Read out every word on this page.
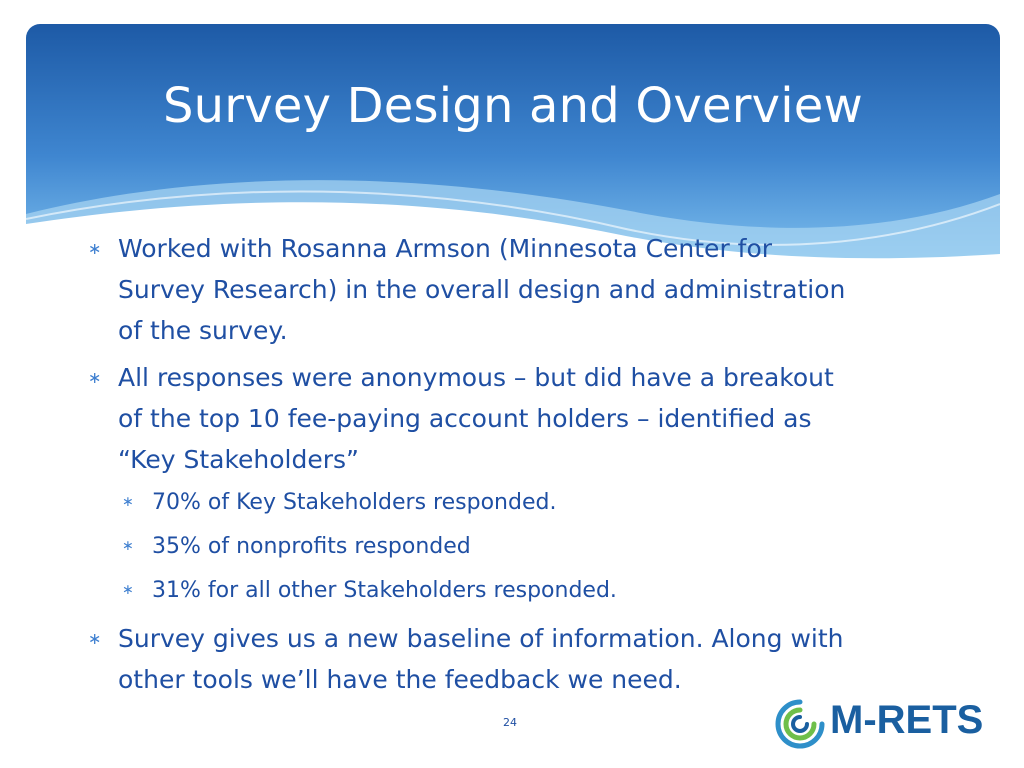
Survey Design and Overview
∗ Worked with Rosanna Armson (Minnesota Center for
Survey Research) in the overall design and administration
of the survey.
∗ All responses were anonymous – but did have a breakout
of the top 10 fee-paying account holders – identified as
“Key Stakeholders”
∗ 70% of Key Stakeholders responded.
∗ 35% of nonprofits responded
∗ 31% for all other Stakeholders responded.
∗ Survey gives us a new baseline of information. Along with
other tools we’ll have the feedback we need.
24	M-RETS
